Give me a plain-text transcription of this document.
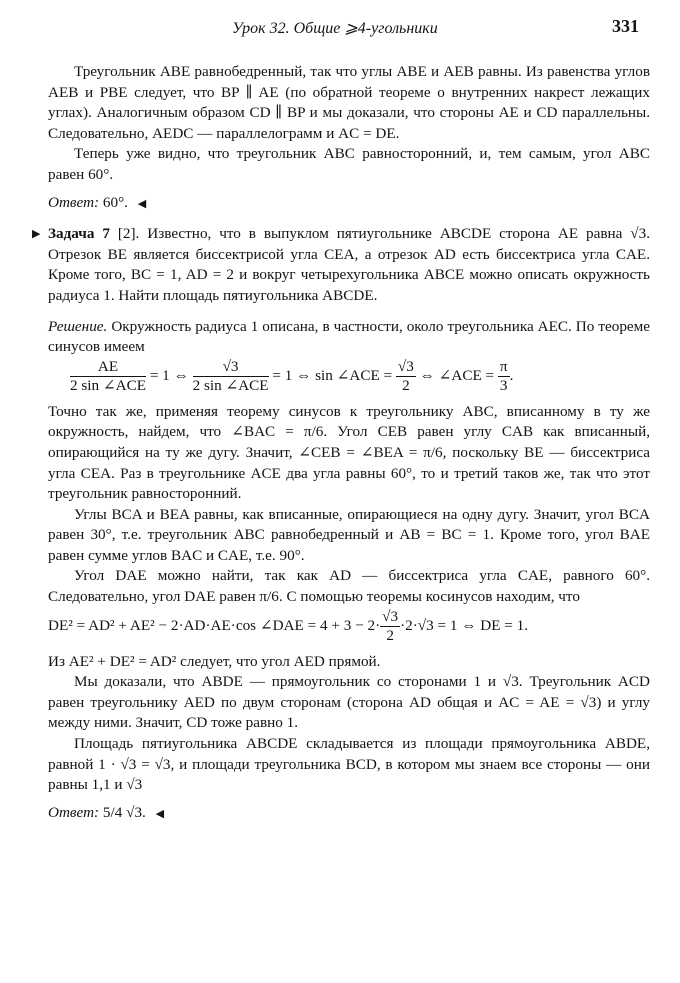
Урок 32. Общие ⩾4-угольники	331

Треугольник ABE равнобедренный, так что углы ABE и AEB равны. Из равенства углов AEB и PBE следует, что BP ∥ AE (по обратной теореме о внутренних накрест лежащих углах). Аналогичным образом CD ∥ BP и мы доказали, что стороны AE и CD параллельны. Следовательно, AEDC — параллелограмм и AC = DE.

Теперь уже видно, что треугольник ABC равносторонний, и, тем самым, угол ABC равен 60°.

Ответ: 60°. ◀

▶ Задача 7 [2]. Известно, что в выпуклом пятиугольнике ABCDE сторона AE равна √3. Отрезок BE является биссектрисой угла CEA, а отрезок AD есть биссектриса угла CAE. Кроме того, BC = 1, AD = 2 и вокруг четырехугольника ABCE можно описать окружность радиуса 1. Найти площадь пятиугольника ABCDE.

Решение. Окружность радиуса 1 описана, в частности, около треугольника AEC. По теореме синусов имеем

$\frac{AE}{\text{2 sin ∠ACE}} = 1$ ⇔ $\frac{√3}{\text{2 sin ∠ACE}} = 1$ ⇔ sin ∠ACE = $\frac{√3}{2}$ ⇔ ∠ACE = $\frac{\pi}{3}$ .

Точно так же, применяя теорему синусов к треугольнику ABC, вписанному в ту же окружность, найдем, что ∠BAC = π/6. Угол CEB равен углу CAB как вписанный, опирающийся на ту же дугу. Значит, ∠CEB = ∠BEA = π/6, поскольку BE — биссектриса угла CEA. Раз в треугольнике ACE два угла равны 60°, то и третий таков же, так что этот треугольник равносторонний.

Углы BCA и BEA равны, как вписанные, опирающиеся на одну дугу. Значит, угол BCA равен 30°, т.е. треугольник ABC равнобедренный и AB = BC = 1. Кроме того, угол BAE равен сумме углов BAC и CAE, т.е. 90°.

Угол DAE можно найти, так как AD — биссектриса угла CAE, равного 60°. Следовательно, угол DAE равен π/6. С помощью теоремы косинусов находим, что

DE² = AD² + AE² − 2·AD·AE·cos ∠DAE = $4 + 3 - 2\cdot \frac{√3}{2} \cdot 2\cdot√3 = 1$ ⇔ DE = 1.

Из AE² + DE² = AD² следует, что угол AED прямой.

Мы доказали, что ABDE — прямоугольник со сторонами 1 и √3. Треугольник ACD равен треугольнику AED по двум сторонам (сторона AD общая и AC = AE = √3) и углу между ними. Значит, CD тоже равно 1.

Площадь пятиугольника ABCDE складывается из площади прямоугольника ABDE, равной 1 · √3 = √3, и площади треугольника BCD, в котором мы знаем все стороны — они равны 1,1 и √3

Ответ: 5/4 √3. ◀
